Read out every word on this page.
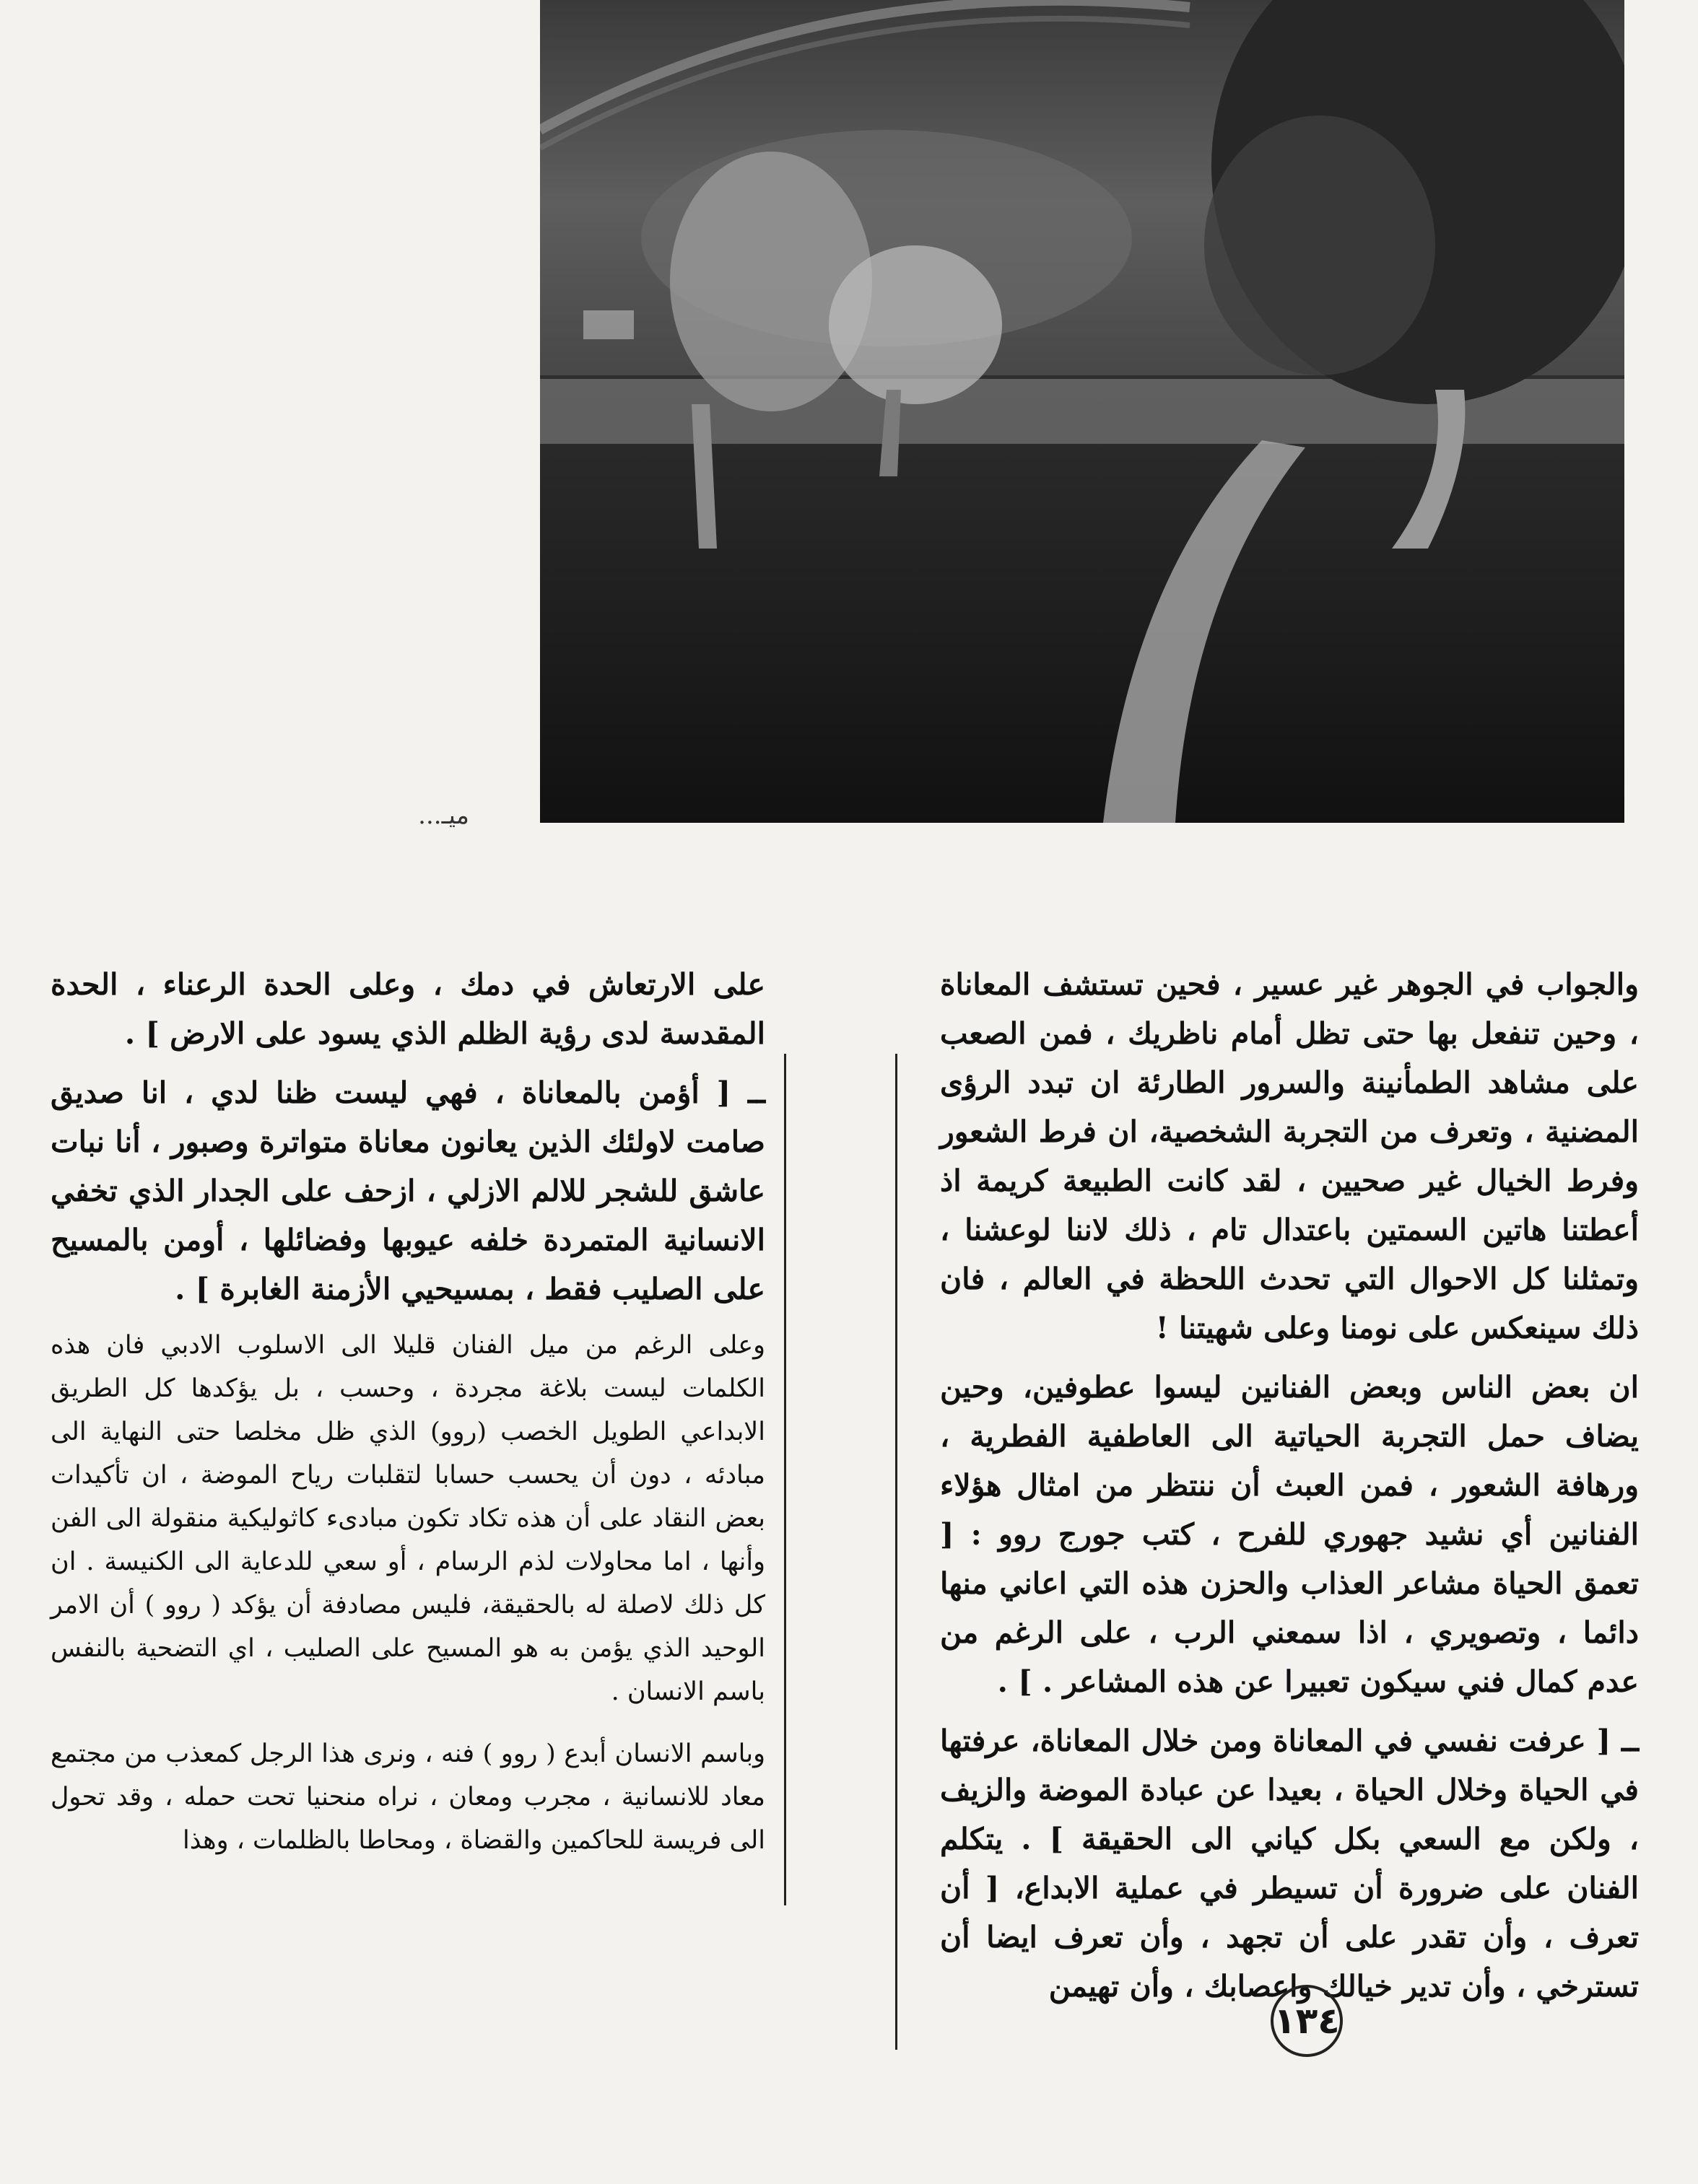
ميـ...

والجواب في الجوهر غير عسير ، فحين تستشف المعاناة ، وحين تنفعل بها حتى تظل أمام ناظريك ، فمن الصعب على مشاهد الطمأنينة والسرور الطارئة ان تبدد الرؤى المضنية ، وتعرف من التجربة الشخصية، ان فرط الشعور وفرط الخيال غير صحيين ، لقد كانت الطبيعة كريمة اذ أعطتنا هاتين السمتين باعتدال تام ، ذلك لاننا لوعشنا ، وتمثلنا كل الاحوال التي تحدث اللحظة في العالم ، فان ذلك سينعكس على نومنا وعلى شهيتنا !

ان بعض الناس وبعض الفنانين ليسوا عطوفين، وحين يضاف حمل التجربة الحياتية الى العاطفية الفطرية ، ورهافة الشعور ، فمن العبث أن ننتظر من امثال هؤلاء الفنانين أي نشيد جهوري للفرح ، كتب جورج روو : [ تعمق الحياة مشاعر العذاب والحزن هذه التي اعاني منها دائما ، وتصويري ، اذا سمعني الرب ، على الرغم من عدم كمال فني سيكون تعبيرا عن هذه المشاعر . ] .

ــ [ عرفت نفسي في المعاناة ومن خلال المعاناة، عرفتها في الحياة وخلال الحياة ، بعيدا عن عبادة الموضة والزيف ، ولكن مع السعي بكل كياني الى الحقيقة ] . يتكلم الفنان على ضرورة أن تسيطر في عملية الابداع، [ أن تعرف ، وأن تقدر على أن تجهد ، وأن تعرف ايضا أن تسترخي ، وأن تدير خيالك واعصابك ، وأن تهيمن

على الارتعاش في دمك ، وعلى الحدة الرعناء ، الحدة المقدسة لدى رؤية الظلم الذي يسود على الارض ] .

ــ [ أؤمن بالمعاناة ، فهي ليست ظنا لدي ، انا صديق صامت لاولئك الذين يعانون معاناة متواترة وصبور ، أنا نبات عاشق للشجر للالم الازلي ، ازحف على الجدار الذي تخفي الانسانية المتمردة خلفه عيوبها وفضائلها ، أومن بالمسيح على الصليب فقط ، بمسيحيي الأزمنة الغابرة ] .

وعلى الرغم من ميل الفنان قليلا الى الاسلوب الادبي فان هذه الكلمات ليست بلاغة مجردة ، وحسب ، بل يؤكدها كل الطريق الابداعي الطويل الخصب (روو) الذي ظل مخلصا حتى النهاية الى مبادئه ، دون أن يحسب حسابا لتقلبات رياح الموضة ، ان تأكيدات بعض النقاد على أن هذه تكاد تكون مبادىء كاثوليكية منقولة الى الفن وأنها ، اما محاولات لذم الرسام ، أو سعي للدعاية الى الكنيسة . ان كل ذلك لاصلة له بالحقيقة، فليس مصادفة أن يؤكد ( روو ) أن الامر الوحيد الذي يؤمن به هو المسيح على الصليب ، اي التضحية بالنفس باسم الانسان .

وباسم الانسان أبدع ( روو ) فنه ، ونرى هذا الرجل كمعذب من مجتمع معاد للانسانية ، مجرب ومعان ، نراه منحنيا تحت حمله ، وقد تحول الى فريسة للحاكمين والقضاة ، ومحاطا بالظلمات ، وهذا

١٣٤
